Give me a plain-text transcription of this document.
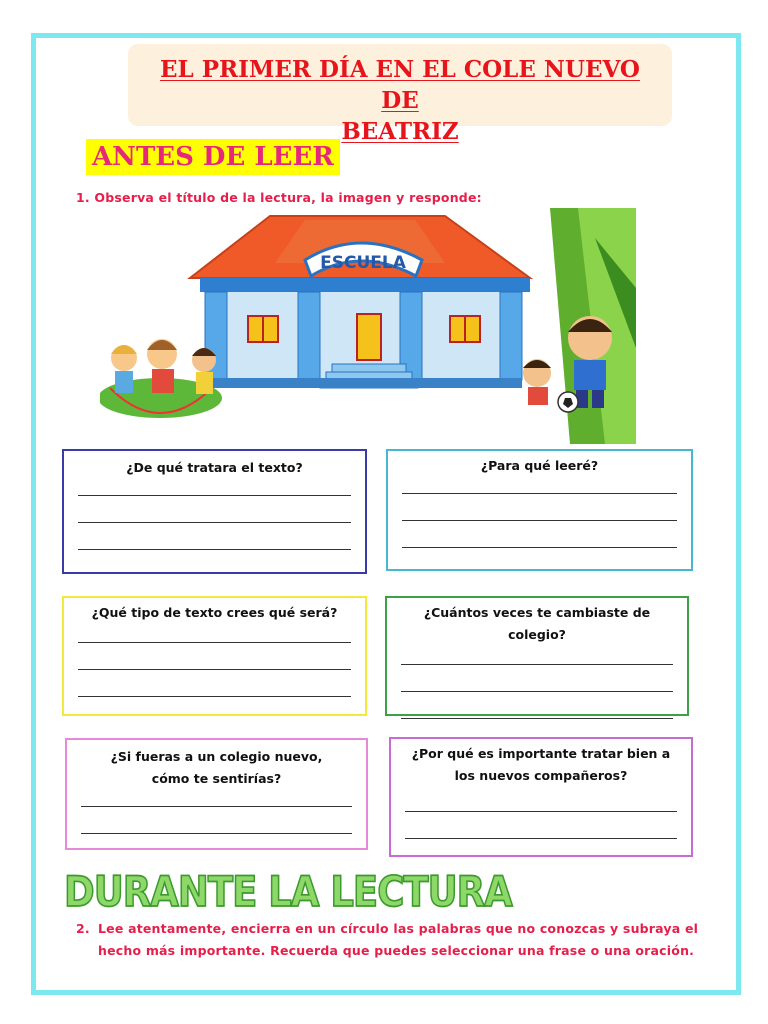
EL PRIMER DÍA EN EL COLE NUEVO DE
BEATRIZ
ANTES DE LEER
1. Observa el título de la lectura, la imagen y responde:
ESCUELA
¿De qué tratara el texto?	¿Para qué leeré?
¿Qué tipo de texto crees qué será?	¿Cuántos veces te cambiaste de colegio?
¿Si fueras a un colegio nuevo, cómo te sentirías?
¿Por qué es importante tratar bien a los nuevos compañeros?
DURANTE LA LECTURA
2. Lee atentamente, encierra en un círculo las palabras que no conozcas y subraya el hecho más importante. Recuerda que puedes seleccionar una frase o una oración.
